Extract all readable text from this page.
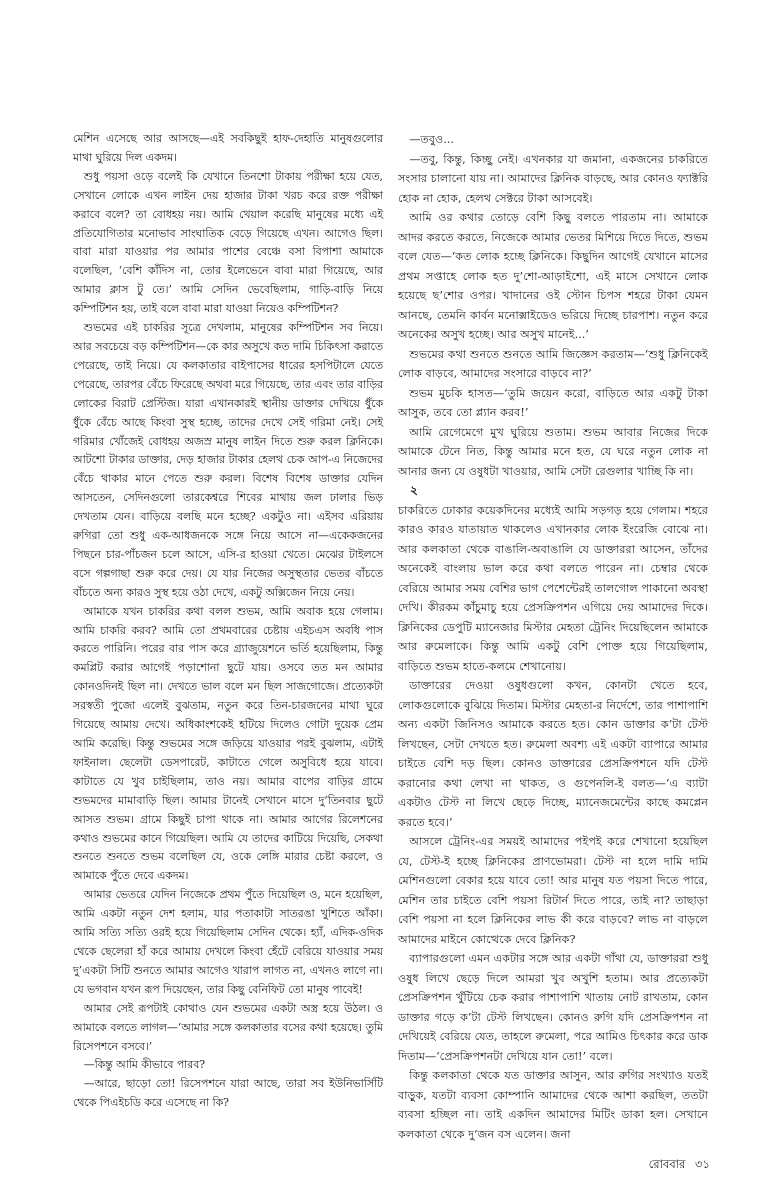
মেশিন এসেছে আর আসছে—এই সবকিছুই হাফ-দেহাতি মানুষগুলোর মাথা ঘুরিয়ে দিল একদম।

শুধু পয়সা ওড়ে বলেই কি যেখানে তিনশো টাকায় পরীক্ষা হয়ে যেত, সেখানে লোকে এখন লাইন দেয় হাজার টাকা খরচ করে রক্ত পরীক্ষা করাবে বলে? তা বোধহয় নয়। আমি খেয়াল করেছি মানুষের মধ্যে এই প্রতিযোগিতার মনোভাব সাংঘাতিক বেড়ে গিয়েছে এখন। আগেও ছিল। বাবা মারা যাওয়ার পর আমার পাশের বেঞ্চে বসা বিপাশা আমাকে বলেছিল, ‘বেশি কাঁদিস না, তোর ইলেভেনে বাবা মারা গিয়েছে, আর আমার ক্লাস টু তে।’ আমি সেদিন ভেবেছিলাম, গাড়ি-বাড়ি নিয়ে কম্পিটিশন হয়, তাই বলে বাবা মারা যাওয়া নিয়েও কম্পিটিশন?

শুভমের এই চাকরির সূত্রে দেখলাম, মানুষের কম্পিটিশন সব নিয়ে। আর সবচেয়ে বড় কম্পিটিশন—কে কার অসুখে কত দামি চিকিৎসা করাতে পেরেছে, তাই নিয়ে। যে কলকাতার বাইপাসের ধারের হসপিটালে যেতে পেরেছে, তারপর বেঁচে ফিরেছে অথবা মরে গিয়েছে, তার এবং তার বাড়ির লোকের বিরাট প্রেস্টিজ। যারা এখানকারই স্থানীয় ডাক্তার দেখিয়ে ধুঁকে ধুঁকে বেঁচে আছে কিংবা সুস্থ হচ্ছে, তাদের দেখে সেই গরিমা নেই। সেই গরিমার খোঁজেই বোধহয় অজস্র মানুষ লাইন দিতে শুরু করল ক্লিনিকে। আটশো টাকার ডাক্তার, দেড় হাজার টাকার হেলথ চেক আপ-এ নিজেদের বেঁচে থাকার মানে পেতে শুরু করল। বিশেষ বিশেষ ডাক্তার যেদিন আসতেন, সেদিনগুলো তারকেশ্বরে শিবের মাথায় জল ঢালার ভিড় দেখতাম যেন। বাড়িয়ে বলছি মনে হচ্ছে? একটুও না। এইসব এরিয়ায় রুগিরা তো শুধু এক-আধজনকে সঙ্গে নিয়ে আসে না—একেকজনের পিছনে চার-পাঁচজন চলে আসে, এসি-র হাওয়া খেতে। মেঝের টাইলসে বসে গল্পগাছা শুরু করে দেয়। যে যার নিজের অসুস্থতার ভেতর বাঁচতে বাঁচতে অন্য কারও সুস্থ হয়ে ওঠা দেখে, একটু অক্সিজেন নিয়ে নেয়।

আমাকে যখন চাকরির কথা বলল শুভম, আমি অবাক হয়ে গেলাম। আমি চাকরি করব? আমি তো প্রথমবারের চেষ্টায় এইচএস অবধি পাস করতে পারিনি। পরের বার পাস করে গ্র্যাজুয়েশনে ভর্তি হয়েছিলাম, কিন্তু কমপ্লিট করার আগেই পড়াশোনা ছুটে যায়। ওসবে তত মন আমার কোনওদিনই ছিল না। দেখতে ভাল বলে মন ছিল সাজগোজে। প্রত্যেকটা সরস্বতী পুজো এলেই বুঝতাম, নতুন করে তিন-চারজনের মাথা ঘুরে গিয়েছে আমায় দেখে। অধিকাংশকেই হটিয়ে দিলেও গোটা দুয়েক প্রেম আমি করেছি। কিন্তু শুভমের সঙ্গে জড়িয়ে যাওয়ার পরই বুঝলাম, এটাই ফাইনাল। ছেলেটা ডেসপারেট, কাটাতে গেলে অসুবিধে হয়ে যাবে। কাটাতে যে খুব চাইছিলাম, তাও নয়। আমার বাপের বাড়ির গ্রামে শুভমদের মামাবাড়ি ছিল। আমার টানেই সেখানে মাসে দু’তিনবার ছুটে আসত শুভম। গ্রামে কিছুই চাপা থাকে না। আমার আগের রিলেশনের কথাও শুভমের কানে গিয়েছিল। আমি যে তাদের কাটিয়ে দিয়েছি, সেকথা শুনতে শুনতে শুভম বলেছিল যে, ওকে লেঙ্গি মারার চেষ্টা করলে, ও আমাকে পুঁতে দেবে একদম।

আমার ভেতরে যেদিন নিজেকে প্রথম পুঁতে দিয়েছিল ও, মনে হয়েছিল, আমি একটা নতুন দেশ হলাম, যার পতাকাটা সাতরঙা খুশিতে আঁকা। আমি সত্যি সত্যি ওরই হয়ে গিয়েছিলাম সেদিন থেকে। হ্যাঁ, এদিক-ওদিক থেকে ছেলেরা হাঁ করে আমায় দেখলে কিংবা হেঁটে বেরিয়ে যাওয়ার সময় দু’একটা সিটি শুনতে আমার আগেও খারাপ লাগত না, এখনও লাগে না। যে ভগবান যখন রূপ দিয়েছেন, তার কিছু বেনিফিট তো মানুষ পাবেই!

আমার সেই রূপটাই কোথাও যেন শুভমের একটা অস্ত্র হয়ে উঠল। ও আমাকে বলতে লাগল—‘আমার সঙ্গে কলকাতার বসের কথা হয়েছে। তুমি রিসেপশনে বসবে।’

—কিন্তু আমি কীভাবে পারব?

—আরে, ছাড়ো তো! রিসেপশনে যারা আছে, তারা সব ইউনিভার্সিটি থেকে পিএইচডি করে এসেছে না কি?

—তবুও...

—তবু, কিন্তু, কিচ্ছু নেই। এখনকার যা জমানা, একজনের চাকরিতে সংসার চালানো যায় না। আমাদের ক্লিনিক বাড়ছে, আর কোনও ফ্যাক্টরি হোক না হোক, হেলথ সেক্টরে টাকা আসবেই।

আমি ওর কথার তোড়ে বেশি কিছু বলতে পারতাম না। আমাকে আদর করতে করতে, নিজেকে আমার ভেতর মিশিয়ে দিতে দিতে, শুভম বলে যেত—‘কত লোক হচ্ছে ক্লিনিকে। কিছুদিন আগেই যেখানে মাসের প্রথম সপ্তাহে লোক হত দু’শো-আড়াইশো, এই মাসে সেখানে লোক হয়েছে ছ’শোর ওপর। খাদানের ওই স্টোন চিপস শহরে টাকা যেমন আনছে, তেমনি কার্বন মনোক্সাইডেও ভরিয়ে দিচ্ছে চারপাশ। নতুন করে অনেকের অসুখ হচ্ছে। আর অসুখ মানেই...’

শুভমের কথা শুনতে শুনতে আমি জিজ্ঞেস করতাম—‘শুধু ক্লিনিকেই লোক বাড়বে, আমাদের সংসারে বাড়বে না?’

শুভম মুচকি হাসত—‘তুমি জয়েন করো, বাড়িতে আর একটু টাকা আসুক, তবে তো প্ল্যান করব!’

আমি রেগেমেগে মুখ ঘুরিয়ে শুতাম। শুভম আবার নিজের দিকে আমাকে টেনে নিত, কিন্তু আমার মনে হত, যে ঘরে নতুন লোক না আনার জন্য যে ওষুধটা খাওয়ার, আমি সেটা রেগুলার খাচ্ছি কি না।

২

চাকরিতে ঢোকার কয়েকদিনের মধ্যেই আমি সড়গড় হয়ে গেলাম। শহরে কারও কারও যাতায়াত থাকলেও এখানকার লোক ইংরেজি বোঝে না। আর কলকাতা থেকে বাঙালি-অবাঙালি যে ডাক্তাররা আসেন, তাঁদের অনেকেই বাংলায় ভাল করে কথা বলতে পারেন না। চেম্বার থেকে বেরিয়ে আমার সময় বেশির ভাগ পেশেন্টেরই তালগোল পাকানো অবস্থা দেখি। কীরকম কাঁচুমাচু হয়ে প্রেসক্রিপশন এগিয়ে দেয় আমাদের দিকে। ক্লিনিকের ডেপুটি ম্যানেজার মিস্টার মেহতা ট্রেনিং দিয়েছিলেন আমাকে আর রুমেলাকে। কিন্তু আমি একটু বেশি পোক্ত হয়ে গিয়েছিলাম, বাড়িতে শুভম হাতে-কলমে শেখানোয়।

ডাক্তারের দেওয়া ওষুধগুলো কখন, কোনটা খেতে হবে, লোকগুলোকে বুঝিয়ে দিতাম। মিস্টার মেহতা-র নির্দেশে, তার পাশাপাশি অন্য একটা জিনিসও আমাকে করতে হত। কোন ডাক্তার ক’টা টেস্ট লিখছেন, সেটা দেখতে হত। রুমেলা অবশ্য এই একটা ব্যাপারে আমার চাইতে বেশি দড় ছিল। কোনও ডাক্তারের প্রেসক্রিপশনে যদি টেস্ট করানোর কথা লেখা না থাকত, ও গুপেনলি-ই বলত—‘এ ব্যাটা একটাও টেস্ট না লিখে ছেড়ে দিচ্ছে, ম্যানেজমেন্টের কাছে কমপ্লেন করতে হবে।’

আসলে ট্রেনিং-এর সময়ই আমাদের পইপই করে শেখানো হয়েছিল যে, টেস্ট-ই হচ্ছে ক্লিনিকের প্রাণভোমরা। টেস্ট না হলে দামি দামি মেশিনগুলো বেকার হয়ে যাবে তো! আর মানুষ যত পয়সা দিতে পারে, মেশিন তার চাইতে বেশি পয়সা রিটার্ন দিতে পারে, তাই না? তাছাড়া বেশি পয়সা না হলে ক্লিনিকের লাভ কী করে বাড়বে? লাভ না বাড়লে আমাদের মাইনে কোত্থেকে দেবে ক্লিনিক?

ব্যাপারগুলো এমন একটার সঙ্গে আর একটা গাঁথা যে, ডাক্তাররা শুধু ওষুধ লিখে ছেড়ে দিলে আমরা খুব অখুশি হতাম। আর প্রত্যেকটা প্রেসক্রিপশন খুঁটিয়ে চেক করার পাশাপাশি খাতায় নোট রাখতাম, কোন ডাক্তার গড়ে ক’টা টেস্ট লিখছেন। কোনও রুগি যদি প্রেসক্রিপশন না দেখিয়েই বেরিয়ে যেত, তাহলে রুমেলা, পরে আমিও চিৎকার করে ডাক দিতাম—‘প্রেসক্রিপশনটা দেখিয়ে যান তো!’ বলে।

কিন্তু কলকাতা থেকে যত ডাক্তার আসুন, আর রুগির সংখ্যাও যতই বাড়ুক, যতটা ব্যবসা কোম্পানি আমাদের থেকে আশা করছিল, ততটা ব্যবসা হচ্ছিল না। তাই একদিন আমাদের মিটিং ডাকা হল। সেখানে কলকাতা থেকে দু’জন বস এলেন। জনা

রোববার ৩১
